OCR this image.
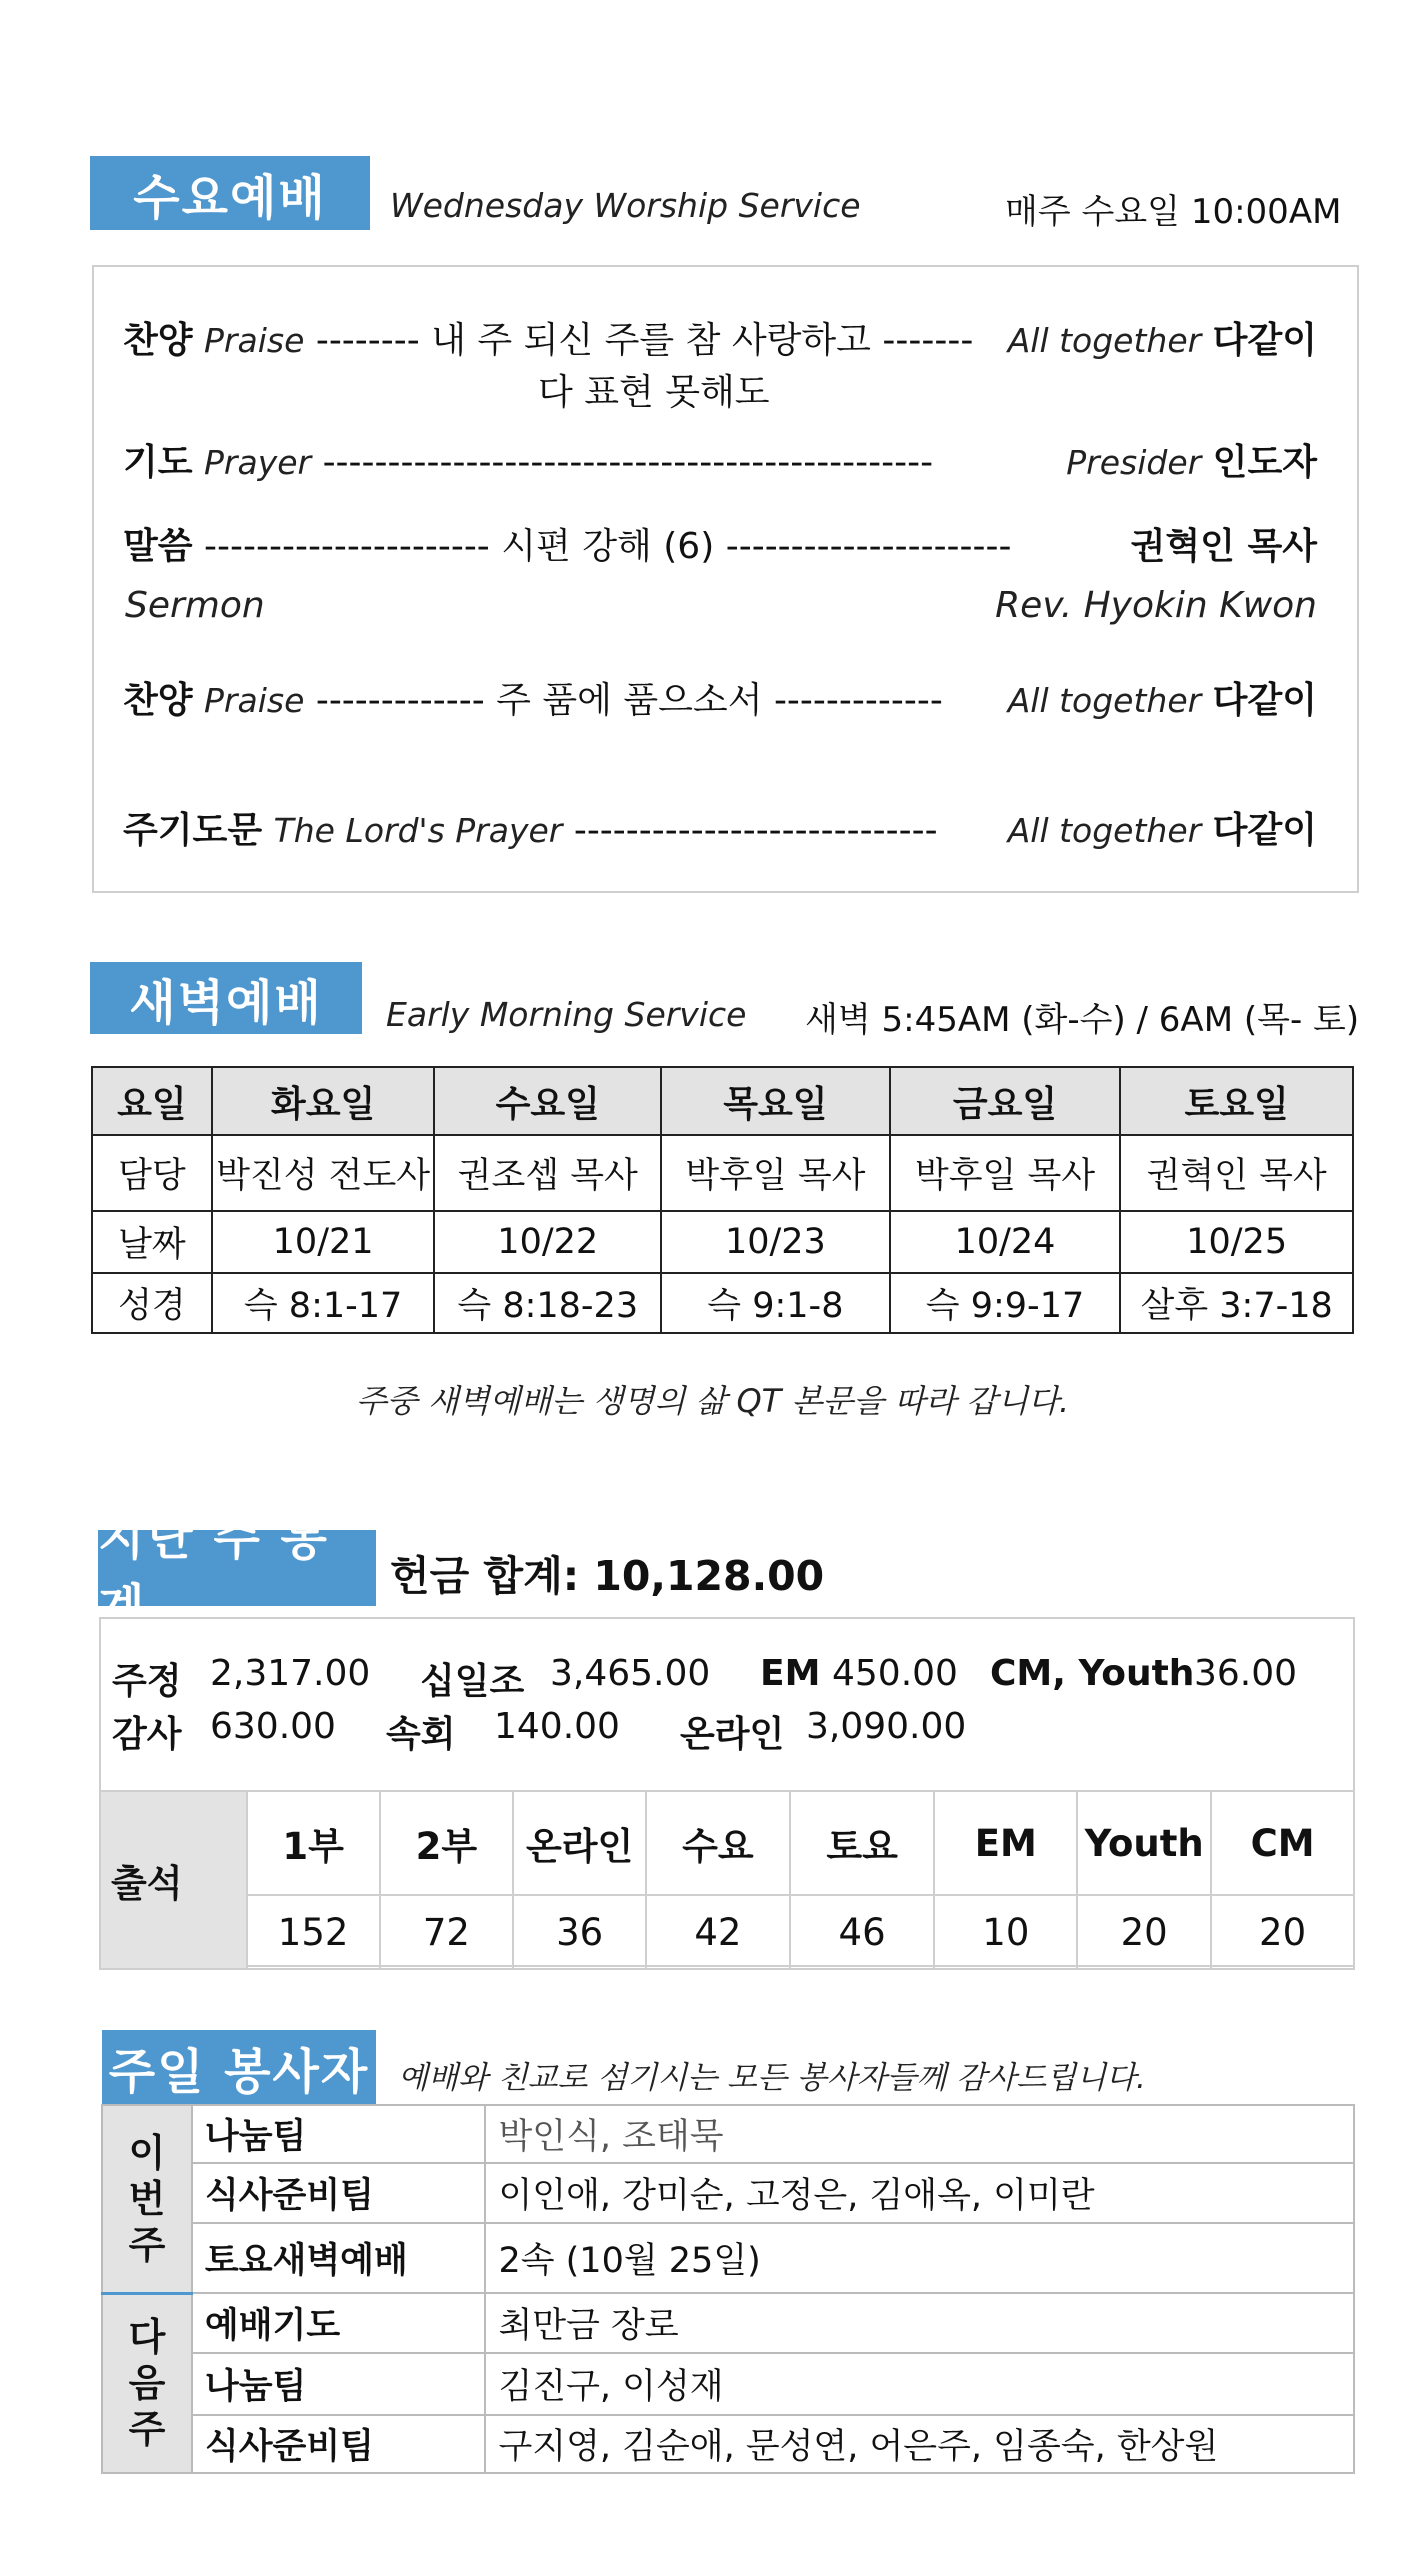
수요예배	Wednesday Worship Service	매주 수요일 10:00AM
찬양 Praise -------- 내 주 되신 주를 참 사랑하고 ------- All together 다같이
다 표현 못해도
기도 Prayer -----------------------------------------------	Presider 인도자
말씀 ---------------------- 시편 강해 (6) ----------------------	권혁인 목사
Sermon	Rev. Hyokin Kwon
찬양 Praise ------------- 주 품에 품으소서 ------------- All together 다같이
주기도문 The Lord's Prayer ---------------------------- All together 다같이
새벽예배	Early Morning Service 새벽 5:45AM (화-수) / 6AM (목- 토)
요일	화요일	수요일	목요일	금요일	토요일
담당	박진성 전도사	권조셉 목사	박후일 목사	박후일 목사	권혁인 목사
날짜	10/21	10/22	10/23	10/24	10/25
성경	슥 8:1-17	슥 8:18-23	슥 9:1-8	슥 9:9-17	살후 3:7-18
주중 새벽예배는 생명의 삶 QT 본문을 따라 갑니다.
지난 주 통계
헌금 합계: 10,128.00
주정 2,317.00 십일조 3,465.00 EM 450.00 CM, Youth 36.00
감사 630.00 속회 140.00 온라인 3,090.00
출석	1부	2부	온라인	수요	토요	EM	Youth	CM
	152	72	36	42	46	10	20	20
주일 봉사자 예배와 친교로 섬기시는 모든 봉사자들께 감사드립니다.
이
번
주	나눔팀	박인식, 조태묵
	식사준비팀	이인애, 강미순, 고정은, 김애옥, 이미란
	토요새벽예배	2속 (10월 25일)

다
음
주	예배기도	최만금 장로
	나눔팀	김진구, 이성재
	식사준비팀	구지영, 김순애, 문성연, 어은주, 임종숙, 한상원
